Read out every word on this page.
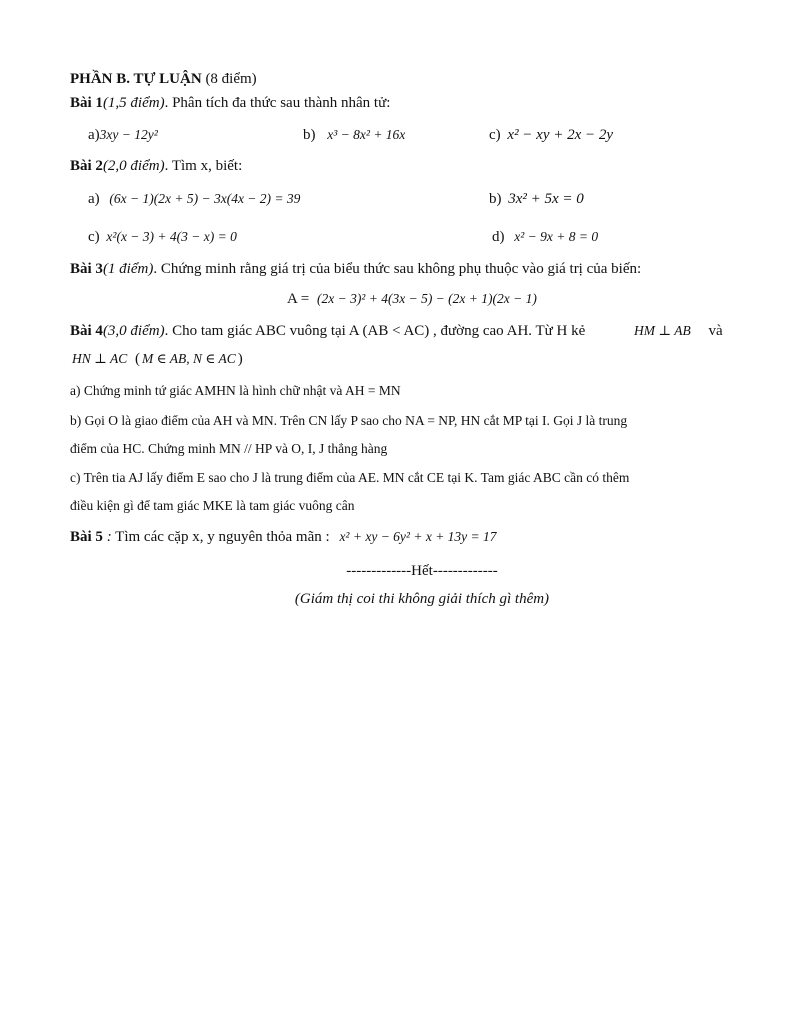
PHẦN B. TỰ LUẬN (8 điểm)
Bài 1(1,5 điểm). Phân tích đa thức sau thành nhân tử:
a)3xy − 12y²	b) x³ − 8x² + 16x	c) x² − xy + 2x − 2y
Bài 2(2,0 điểm). Tìm x, biết:
a) (6x − 1)(2x + 5) − 3x(4x − 2) = 39	b) 3x² + 5x = 0
c) x²(x − 3) + 4(3 − x) = 0	d) x² − 9x + 8 = 0
Bài 3(1 điểm). Chứng minh rằng giá trị của biểu thức sau không phụ thuộc vào giá trị của biến:
A = (2x − 3)² + 4(3x − 5) − (2x + 1)(2x − 1)
Bài 4(3,0 điểm). Cho tam giác ABC vuông tại A (AB < AC) , đường cao AH. Từ H kẻ	HM ⊥ AB và
HN ⊥ AC ( M ∈ AB, N ∈ AC )
a) Chứng minh tứ giác AMHN là hình chữ nhật và AH = MN
b) Gọi O là giao điểm của AH và MN. Trên CN lấy P sao cho NA = NP, HN cắt MP tại I. Gọi J là trung
điểm của HC. Chứng minh MN // HP và O, I, J thẳng hàng
c) Trên tia AJ lấy điểm E sao cho J là trung điểm của AE. MN cắt CE tại K. Tam giác ABC cần có thêm
điều kiện gì để tam giác MKE là tam giác vuông cân
Bài 5 : Tìm các cặp x, y nguyên thỏa mãn : x² + xy − 6y² + x + 13y = 17
-------------Hết-------------
(Giám thị coi thi không giải thích gì thêm)
